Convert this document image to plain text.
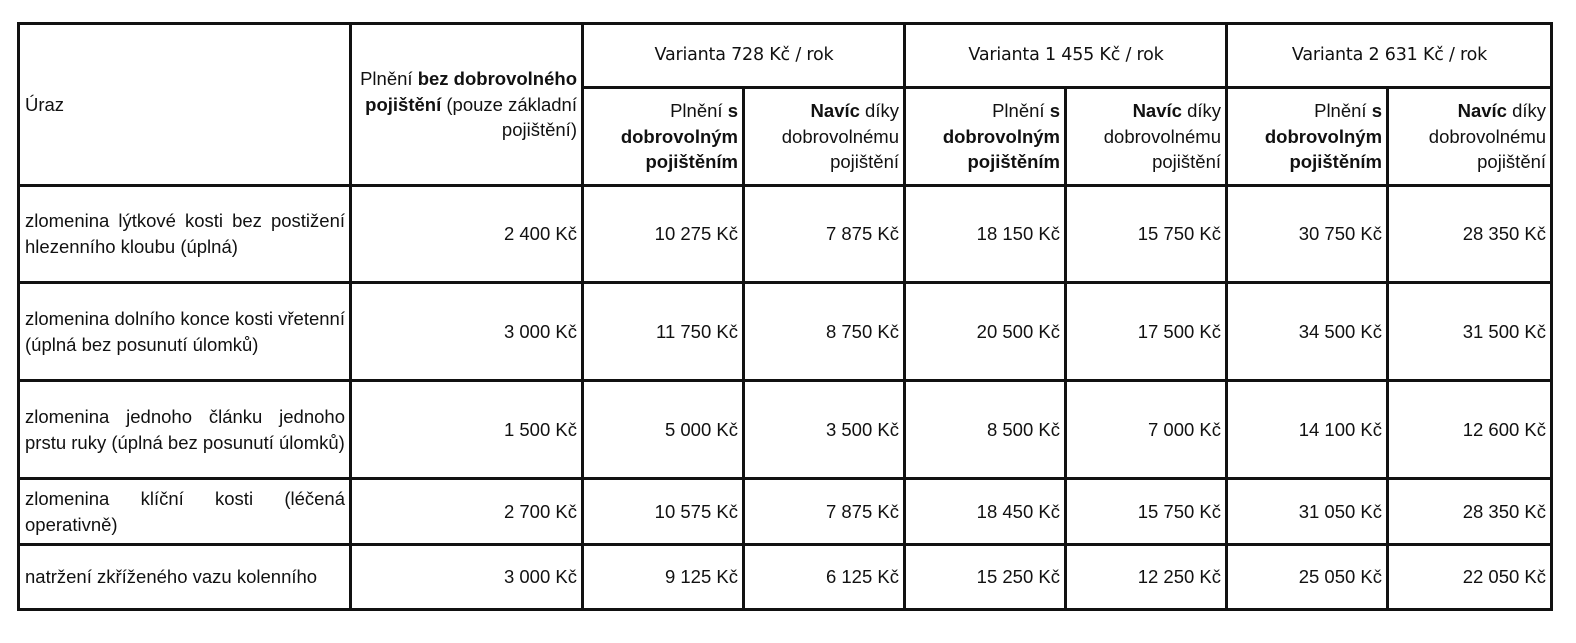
Úraz	Plnění bez dobrovolného pojištění (pouze základní pojištění)	Varianta 728 Kč / rok		Varianta 1 455 Kč / rok		Varianta 2 631 Kč / rok	
		Plnění s dobrovolným pojištěním	Navíc díky dobrovolnému pojištění	Plnění s dobrovolným pojištěním	Navíc díky dobrovolnému pojištění	Plnění s dobrovolným pojištěním	Navíc díky dobrovolnému pojištění
zlomenina lýtkové kosti bez postižení hlezenního kloubu (úplná)	2 400 Kč	10 275 Kč	7 875 Kč	18 150 Kč	15 750 Kč	30 750 Kč	28 350 Kč
zlomenina dolního konce kosti vřetenní (úplná bez posunutí úlomků)	3 000 Kč	11 750 Kč	8 750 Kč	20 500 Kč	17 500 Kč	34 500 Kč	31 500 Kč
zlomenina jednoho článku jednoho prstu ruky (úplná bez posunutí úlomků)	1 500 Kč	5 000 Kč	3 500 Kč	8 500 Kč	7 000 Kč	14 100 Kč	12 600 Kč
zlomenina klíční kosti (léčená operativně)	2 700 Kč	10 575 Kč	7 875 Kč	18 450 Kč	15 750 Kč	31 050 Kč	28 350 Kč
natržení zkříženého vazu kolenního	3 000 Kč	9 125 Kč	6 125 Kč	15 250 Kč	12 250 Kč	25 050 Kč	22 050 Kč
